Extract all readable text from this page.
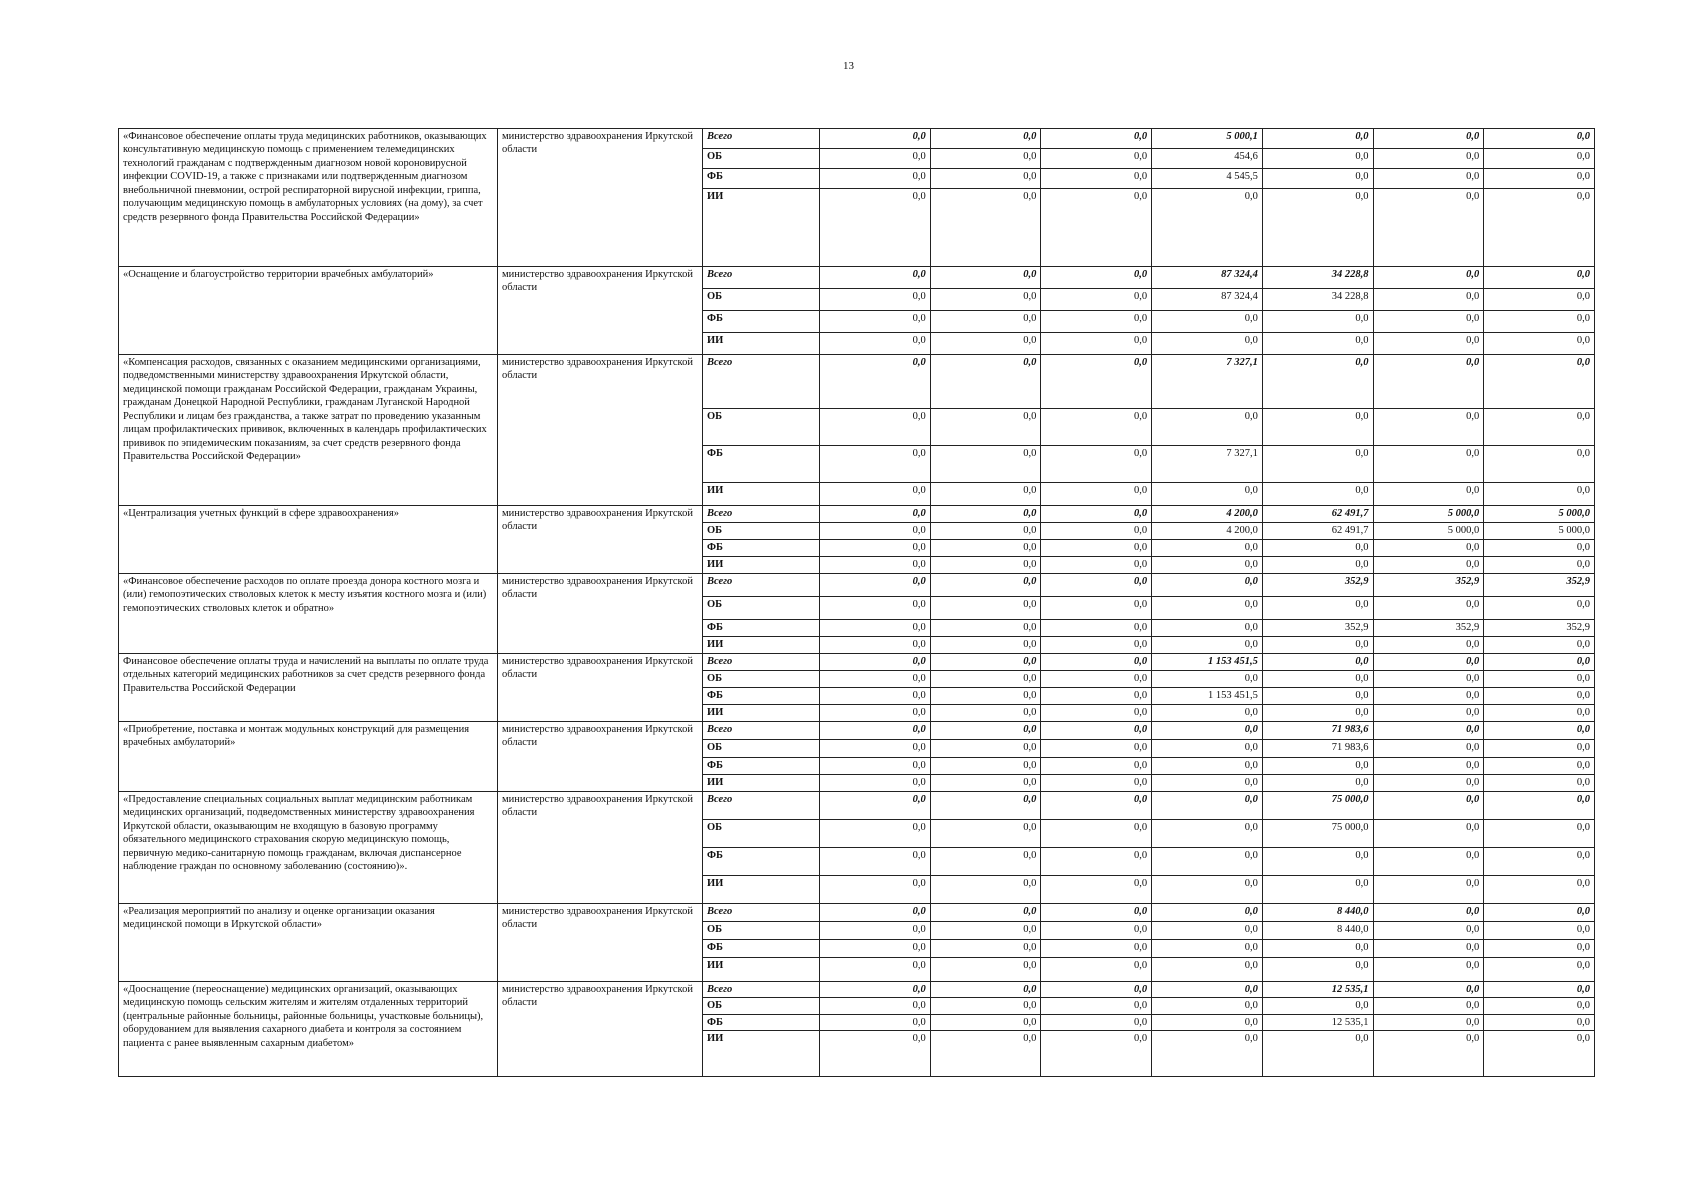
13
«Финансовое обеспечение оплаты труда медицинских работников, оказывающих консультативную медицинскую помощь с применением телемедицинских технологий гражданам с подтвержденным диагнозом новой короновирусной инфекции COVID-19, а также с признаками или подтвержденным диагнозом внебольничной пневмонии, острой респираторной вирусной инфекции, гриппа, получающим медицинскую помощь в амбулаторных условиях (на дому), за счет средств резервного фонда Правительства Российской Федерации»	министерство здравоохранения Иркутской области	Всего	0,0	0,0	0,0	5 000,1	0,0	0,0	0,0
		ОБ	0,0	0,0	0,0	454,6	0,0	0,0	0,0
		ФБ	0,0	0,0	0,0	4 545,5	0,0	0,0	0,0
		ИИ	0,0	0,0	0,0	0,0	0,0	0,0	0,0
«Оснащение и благоустройство территории врачебных амбулаторий»	министерство здравоохранения Иркутской области	Всего	0,0	0,0	0,0	87 324,4	34 228,8	0,0	0,0
		ОБ	0,0	0,0	0,0	87 324,4	34 228,8	0,0	0,0
		ФБ	0,0	0,0	0,0	0,0	0,0	0,0	0,0
		ИИ	0,0	0,0	0,0	0,0	0,0	0,0	0,0
«Компенсация расходов, связанных с оказанием медицинскими организациями, подведомственными министерству здравоохранения Иркутской области, медицинской помощи гражданам Российской Федерации, гражданам Украины, гражданам Донецкой Народной Республики, гражданам Луганской Народной Республики и лицам без гражданства, а также затрат по проведению указанным лицам профилактических прививок, включенных в календарь профилактических прививок по эпидемическим показаниям, за счет средств резервного фонда Правительства Российской Федерации»	министерство здравоохранения Иркутской области	Всего	0,0	0,0	0,0	7 327,1	0,0	0,0	0,0
		ОБ	0,0	0,0	0,0	0,0	0,0	0,0	0,0
		ФБ	0,0	0,0	0,0	7 327,1	0,0	0,0	0,0
		ИИ	0,0	0,0	0,0	0,0	0,0	0,0	0,0
«Централизация учетных функций в сфере здравоохранения»	министерство здравоохранения Иркутской области	Всего	0,0	0,0	0,0	4 200,0	62 491,7	5 000,0	5 000,0
		ОБ	0,0	0,0	0,0	4 200,0	62 491,7	5 000,0	5 000,0
		ФБ	0,0	0,0	0,0	0,0	0,0	0,0	0,0
		ИИ	0,0	0,0	0,0	0,0	0,0	0,0	0,0
«Финансовое обеспечение расходов по оплате проезда донора костного мозга и (или) гемопоэтических стволовых клеток к месту изъятия костного мозга и (или) гемопоэтических стволовых клеток и обратно»	министерство здравоохранения Иркутской области	Всего	0,0	0,0	0,0	0,0	352,9	352,9	352,9
		ОБ	0,0	0,0	0,0	0,0	0,0	0,0	0,0
		ФБ	0,0	0,0	0,0	0,0	352,9	352,9	352,9
		ИИ	0,0	0,0	0,0	0,0	0,0	0,0	0,0
Финансовое обеспечение оплаты труда и начислений на выплаты по оплате труда отдельных категорий медицинских работников за счет средств резервного фонда Правительства Российской Федерации	министерство здравоохранения Иркутской области	Всего	0,0	0,0	0,0	1 153 451,5	0,0	0,0	0,0
		ОБ	0,0	0,0	0,0	0,0	0,0	0,0	0,0
		ФБ	0,0	0,0	0,0	1 153 451,5	0,0	0,0	0,0
		ИИ	0,0	0,0	0,0	0,0	0,0	0,0	0,0
«Приобретение, поставка и монтаж модульных конструкций для размещения врачебных амбулаторий»	министерство здравоохранения Иркутской области	Всего	0,0	0,0	0,0	0,0	71 983,6	0,0	0,0
		ОБ	0,0	0,0	0,0	0,0	71 983,6	0,0	0,0
		ФБ	0,0	0,0	0,0	0,0	0,0	0,0	0,0
		ИИ	0,0	0,0	0,0	0,0	0,0	0,0	0,0
«Предоставление специальных социальных выплат медицинским работникам медицинских организаций, подведомственных министерству здравоохранения Иркутской области, оказывающим не входящую в базовую программу обязательного медицинского страхования скорую медицинскую помощь, первичную медико-санитарную помощь гражданам, включая диспансерное наблюдение граждан по основному заболеванию (состоянию)».	министерство здравоохранения Иркутской области	Всего	0,0	0,0	0,0	0,0	75 000,0	0,0	0,0
		ОБ	0,0	0,0	0,0	0,0	75 000,0	0,0	0,0
		ФБ	0,0	0,0	0,0	0,0	0,0	0,0	0,0
		ИИ	0,0	0,0	0,0	0,0	0,0	0,0	0,0
«Реализация мероприятий по анализу и оценке организации оказания медицинской помощи в Иркутской области»	министерство здравоохранения Иркутской области	Всего	0,0	0,0	0,0	0,0	8 440,0	0,0	0,0
		ОБ	0,0	0,0	0,0	0,0	8 440,0	0,0	0,0
		ФБ	0,0	0,0	0,0	0,0	0,0	0,0	0,0
		ИИ	0,0	0,0	0,0	0,0	0,0	0,0	0,0
«Дооснащение (переоснащение) медицинских организаций, оказывающих медицинскую помощь сельским жителям и жителям отдаленных территорий (центральные районные больницы, районные больницы, участковые больницы), оборудованием для выявления сахарного диабета и контроля за состоянием пациента с ранее выявленным сахарным диабетом»	министерство здравоохранения Иркутской области	Всего	0,0	0,0	0,0	0,0	12 535,1	0,0	0,0
		ОБ	0,0	0,0	0,0	0,0	0,0	0,0	0,0
		ФБ	0,0	0,0	0,0	0,0	12 535,1	0,0	0,0
		ИИ	0,0	0,0	0,0	0,0	0,0	0,0	0,0
